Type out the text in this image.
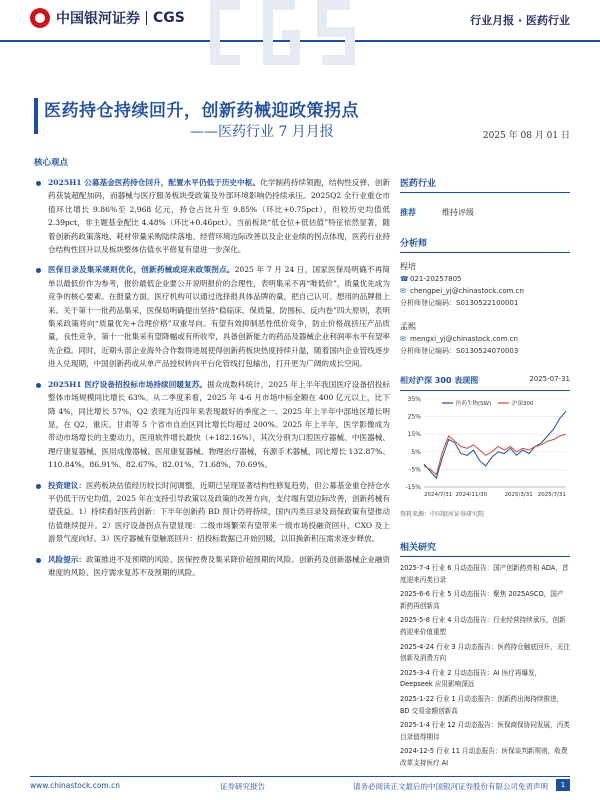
中国银河证券 CGS	行业月报 · 医药行业
医药持仓持续回升，创新药械迎政策拐点
——医药行业 7 月月报	2025 年 08 月 01 日
核心观点
2025H1 公募基金医药持仓回升，配置水平仍低于历史中枢。化学制药持续领跑，结构性反弹，创新药获装超配加码，而器械与医疗服务板块受政策及外部环境影响仍持续承压。2025Q2 全行业重仓市值环比增长 9.86%至 2,968 亿元，持仓占比升至 9.85%（环比+0.75pct），但较历史均值低 2.39pct，非主题基金配比 4.48%（环比+0.46pct）。当前板块“低仓位+低估值”特征依然显著，随着创新药政策落地、耗材带量采购陆续落地、经营环境边际改善以及企业业绩的拐点体现，医药行业持仓结构性回升以及板块整体估值水平修复有望进一步深化。
医保目录及集采规则优化，创新药械或迎来政策拐点。2025 年 7 月 24 日，国家医保局明确不再简单以最低价作为参考，报价最低企业要公开说明报价的合理性，表明集采不再“唯低价”，质量优先成为竞争的核心要素。在报量方面，医疗机构可以通过选择报具体品牌的量，把自己认可、想用的品牌报上来。关于第十一批药品集采，医保局明确提出坚持“稳临床、保质量、防围标、反内卷”四大原则，表明集采政策将向“质量优先+合理价格”双重导向。有望有效抑制恶性低价竞争，防止价格战挤压产品质量，良性竞争，第十一批集采有望降幅或有所收窄，具备创新能力的药品及器械企业利润率水平有望率先企稳。同时，近期头部企业海外合作数得进展使得创新药板块热度持续升温，随着国内企业管线逐步进入兑现期，中国创新药或从单产品授权转向平台化管线打包输出，打开更为广阔的成长空间。
2025H1 医疗设备招投标市场持续回暖复苏。据众成数科统计，2025 年上半年我国医疗设备招投标整体市场规模同比增长 63%。从二季度来看，2025 年 4-6 月市场中标金额在 400 亿元以上，比下降 4%，同比增长 57%，Q2 表现为近四年来表现最好的季度之一。2025 年上半年中部地区增长明显，在 Q2，重庆、甘肃等 5 个省市自治区同比增长均超过 200%。2025 年上半年，医学影像成为带动市场增长的主要动力，医用软件增长最快（+182.16%），其次分别为口腔医疗器械、中医器械、理疗康复器械、医用成像器械、医用康复器械、物理治疗器械，有源手术器械，同比增长 132.87%、110.84%、86.91%、82.67%、82.01%、71.68%、70.69%。
投资建议：医药板块估值经历较长时间调整，近期已呈现显著结构性修复趋势，但公募基金重仓持仓水平仍低于历史均值，2025 年在支持引导政策以及政策的改善方向，支付端有望边际改善，创新药械有望获益。1）持续看好医药创新：下半年创新药 BD 预计仍将持续，国内丙类目录及商保政策有望推动估值继续提升。2）医疗设备拐点有望显现：二级市场繁荣有望带来一级市场投融资回升，CXO 及上游景气度向好。3）医疗器械有望触底回升：招投标数据已开始回暖，以旧换新积压需求逐步释放。
风险提示：政策推进不及预期的风险、医保控费及集采降价超预期的风险、创新药及创新器械企业融资难度的风险、医疗需求复苏不及预期的风险。
医药行业
推荐	维持评级
分析师
程培
☎021-20257805
✉ chengpei_yj@chinastock.com.cn
分析师登记编码：S0130522100001
孟熙
✉ mengxi_yj@chinastock.com.cn
分析师登记编码：S0130524070003
相对沪深 300 表现图	2025-07-31
-15%
-5%
5%
15%
25%
35%
2024/7/31 2024/11/30	2025/3/31 2025/7/31
医药生物(SW)	沪深300
资料来源：中国银河证券研究院
相关研究
2025-7-4 行业 6 月动态报告：国产创新药亮相 ADA，首度迎来丙类目录
2025-6-6 行业 5 月动态报告：聚焦 2025ASCO，国产新药再创新高
2025-5-8 行业 4 月动态报告：行业经营持续承压，创新药迎来价值重塑
2025-4-24 行业 3 月动态报告：医药持仓触底回升，关注创新及消费方向
2025-3-4 行业 2 月动态报告：AI 医疗再爆发，Deepseek 应用影响深远
2025-1-22 行业 1 月动态报告：创新药出海持续推进，BD 交易金额创新高
2025-1-4 行业 12 月动态报告：医保商保协同发展，丙类目录值得期待
2024-12-5 行业 11 月动态报告：医保谈判新规则，收费改革支持医疗 AI
www.chinastock.com.cn	证券研究报告	请务必阅读正文最后的中国银河证券股份有限公司免责声明	1
